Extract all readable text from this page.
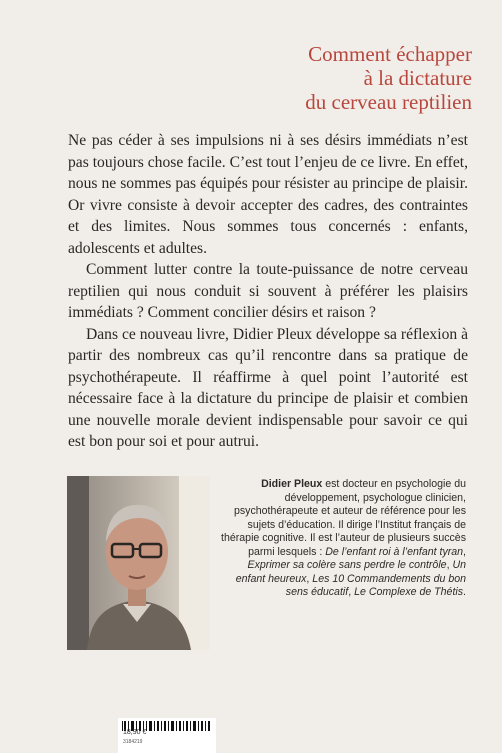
Comment échapper
à la dictature
du cerveau reptilien

Ne pas céder à ses impulsions ni à ses désirs immédiats n’est pas toujours chose facile. C’est tout l’enjeu de ce livre. En effet, nous ne sommes pas équipés pour résister au principe de plaisir. Or vivre consiste à devoir accepter des cadres, des contraintes et des limites. Nous sommes tous concernés : enfants, adolescents et adultes.

Comment lutter contre la toute-puissance de notre cerveau reptilien qui nous conduit si souvent à préférer les plaisirs immédiats ? Comment concilier désirs et raison ?

Dans ce nouveau livre, Didier Pleux développe sa réflexion à partir des nombreux cas qu’il rencontre dans sa pratique de psychothérapeute. Il réaffirme à quel point l’autorité est nécessaire face à la dictature du principe de plaisir et combien une nouvelle morale devient indispensable pour savoir ce qui est bon pour soi et pour autrui.

Didier Pleux est docteur en psychologie du développement, psychologue clinicien, psychothérapeute et auteur de référence pour les sujets d’éducation. Il dirige l’Institut français de thérapie cognitive. Il est l’auteur de plusieurs succès parmi lesquels : De l’enfant roi à l’enfant tyran, Exprimer sa colère sans perdre le contrôle, Un enfant heureux, Les 10 Commandements du bon sens éducatif, Le Complexe de Thétis.
18,90 €
3184219
